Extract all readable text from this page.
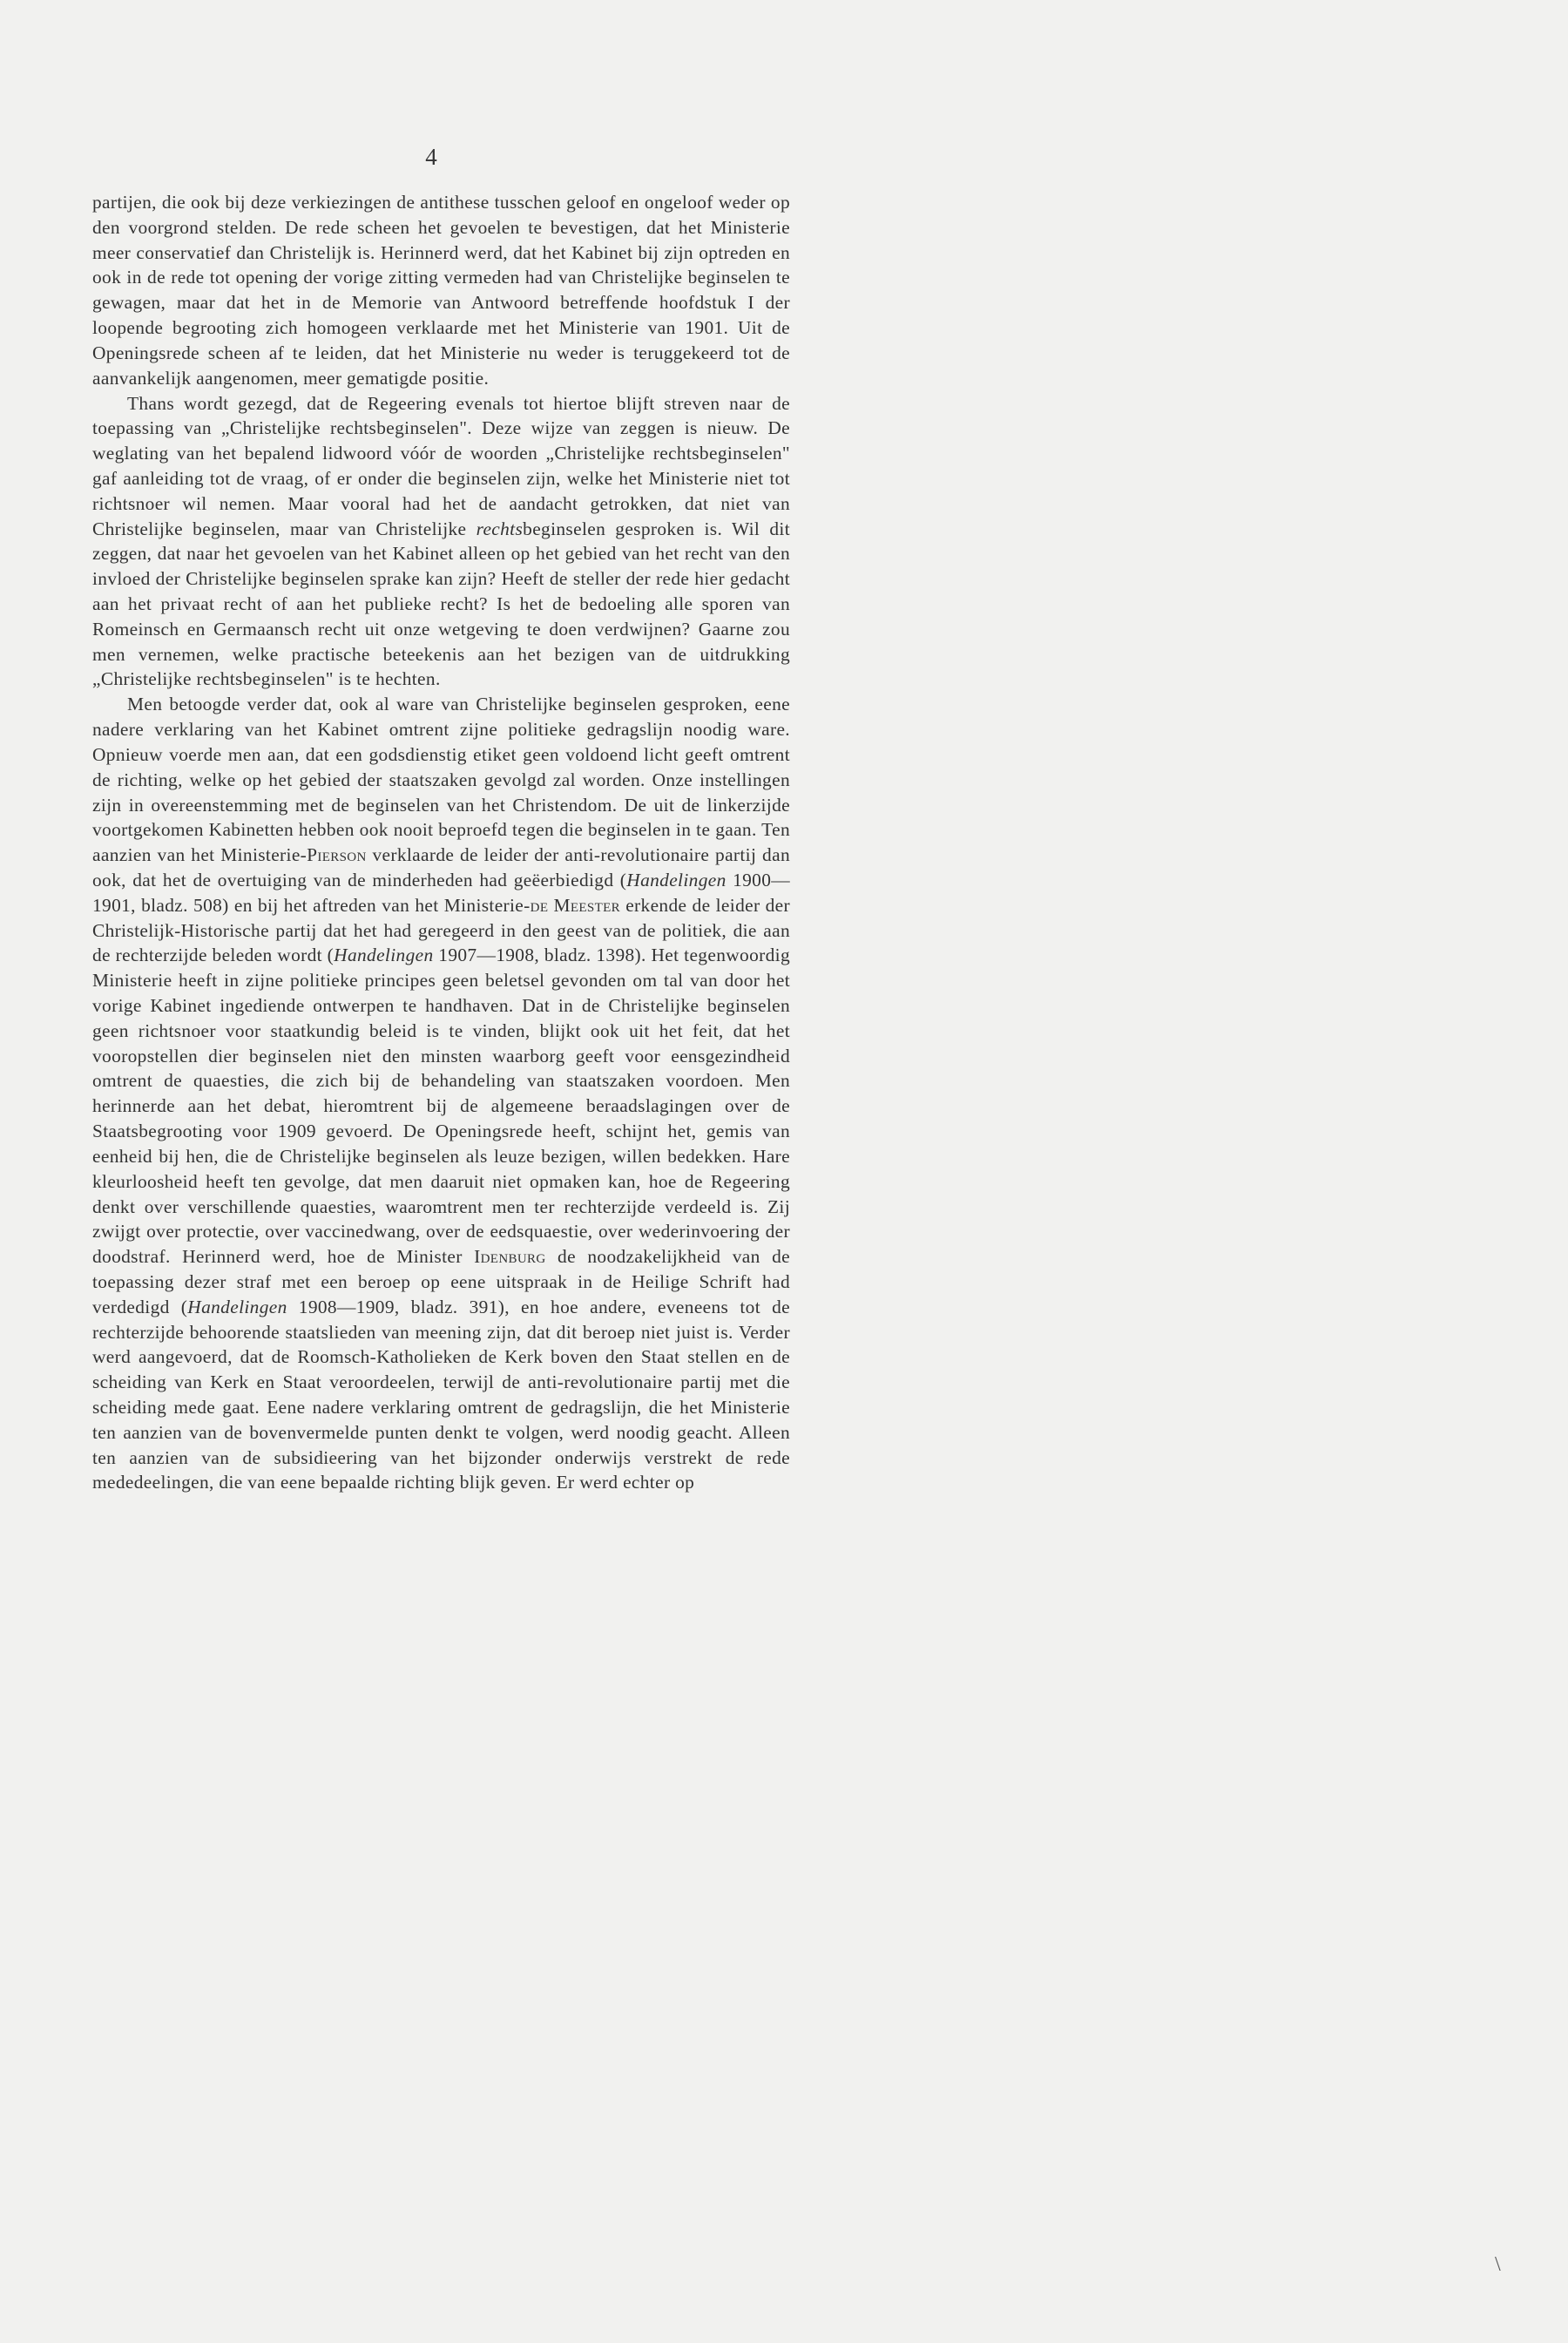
4

partijen, die ook bij deze verkiezingen de antithese tusschen geloof en ongeloof weder op den voorgrond stelden. De rede scheen het gevoelen te bevestigen, dat het Ministerie meer conservatief dan Christelijk is. Herinnerd werd, dat het Kabinet bij zijn optreden en ook in de rede tot opening der vorige zitting vermeden had van Christelijke beginselen te gewagen, maar dat het in de Memorie van Antwoord betreffende hoofdstuk I der loopende begrooting zich homogeen verklaarde met het Ministerie van 1901. Uit de Openingsrede scheen af te leiden, dat het Ministerie nu weder is teruggekeerd tot de aanvankelijk aangenomen, meer gematigde positie.

Thans wordt gezegd, dat de Regeering evenals tot hiertoe blijft streven naar de toepassing van „Christelijke rechtsbeginselen". Deze wijze van zeggen is nieuw. De weglating van het bepalend lidwoord vóór de woorden „Christelijke rechtsbeginselen" gaf aanleiding tot de vraag, of er onder die beginselen zijn, welke het Ministerie niet tot richtsnoer wil nemen. Maar vooral had het de aandacht getrokken, dat niet van Christelijke beginselen, maar van Christelijke rechtsbeginselen gesproken is. Wil dit zeggen, dat naar het gevoelen van het Kabinet alleen op het gebied van het recht van den invloed der Christelijke beginselen sprake kan zijn? Heeft de steller der rede hier gedacht aan het privaat recht of aan het publieke recht? Is het de bedoeling alle sporen van Romeinsch en Germaansch recht uit onze wetgeving te doen verdwijnen? Gaarne zou men vernemen, welke practische beteekenis aan het bezigen van de uitdrukking „Christelijke rechtsbeginselen" is te hechten.

Men betoogde verder dat, ook al ware van Christelijke beginselen gesproken, eene nadere verklaring van het Kabinet omtrent zijne politieke gedragslijn noodig ware. Opnieuw voerde men aan, dat een godsdienstig etiket geen voldoend licht geeft omtrent de richting, welke op het gebied der staatszaken gevolgd zal worden. Onze instellingen zijn in overeenstemming met de beginselen van het Christendom. De uit de linkerzijde voortgekomen Kabinetten hebben ook nooit beproefd tegen die beginselen in te gaan. Ten aanzien van het Ministerie-Pierson verklaarde de leider der anti-revolutionaire partij dan ook, dat het de overtuiging van de minderheden had geëerbiedigd (Handelingen 1900—1901, bladz. 508) en bij het aftreden van het Ministerie-de Meester erkende de leider der Christelijk-Historische partij dat het had geregeerd in den geest van de politiek, die aan de rechterzijde beleden wordt (Handelingen 1907—1908, bladz. 1398). Het tegenwoordig Ministerie heeft in zijne politieke principes geen beletsel gevonden om tal van door het vorige Kabinet ingediende ontwerpen te handhaven. Dat in de Christelijke beginselen geen richtsnoer voor staatkundig beleid is te vinden, blijkt ook uit het feit, dat het vooropstellen dier beginselen niet den minsten waarborg geeft voor eensgezindheid omtrent de quaesties, die zich bij de behandeling van staatszaken voordoen. Men herinnerde aan het debat, hieromtrent bij de algemeene beraadslagingen over de Staatsbegrooting voor 1909 gevoerd. De Openingsrede heeft, schijnt het, gemis van eenheid bij hen, die de Christelijke beginselen als leuze bezigen, willen bedekken. Hare kleurloosheid heeft ten gevolge, dat men daaruit niet opmaken kan, hoe de Regeering denkt over verschillende quaesties, waaromtrent men ter rechterzijde verdeeld is. Zij zwijgt over protectie, over vaccinedwang, over de eedsquaestie, over wederinvoering der doodstraf. Herinnerd werd, hoe de Minister Idenburg de noodzakelijkheid van de toepassing dezer straf met een beroep op eene uitspraak in de Heilige Schrift had verdedigd (Handelingen 1908—1909, bladz. 391), en hoe andere, eveneens tot de rechterzijde behoorende staatslieden van meening zijn, dat dit beroep niet juist is. Verder werd aangevoerd, dat de Roomsch-Katholieken de Kerk boven den Staat stellen en de scheiding van Kerk en Staat veroordeelen, terwijl de anti-revolutionaire partij met die scheiding mede gaat. Eene nadere verklaring omtrent de gedragslijn, die het Ministerie ten aanzien van de bovenvermelde punten denkt te volgen, werd noodig geacht. Alleen ten aanzien van de subsidieering van het bijzonder onderwijs verstrekt de rede mededeelingen, die van eene bepaalde richting blijk geven. Er werd echter op

\
